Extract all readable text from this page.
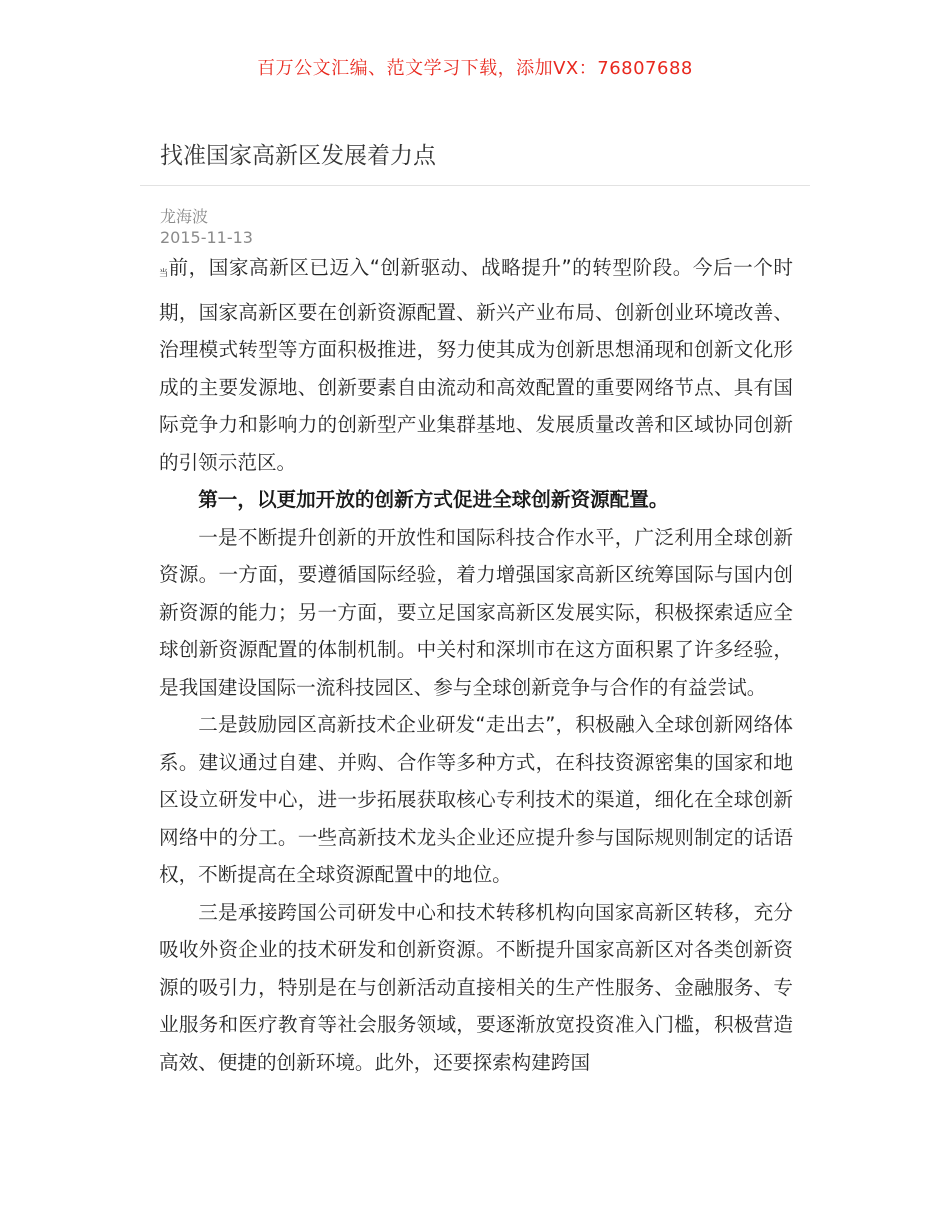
百万公文汇编、范文学习下载，添加VX：76807688
找准国家高新区发展着力点
龙海波
2015-11-13

当前，国家高新区已迈入“创新驱动、战略提升”的转型阶段。今后一个时期，国家高新区要在创新资源配置、新兴产业布局、创新创业环境改善、治理模式转型等方面积极推进，努力使其成为创新思想涌现和创新文化形成的主要发源地、创新要素自由流动和高效配置的重要网络节点、具有国际竞争力和影响力的创新型产业集群基地、发展质量改善和区域协同创新的引领示范区。

第一，以更加开放的创新方式促进全球创新资源配置。

一是不断提升创新的开放性和国际科技合作水平，广泛利用全球创新资源。一方面，要遵循国际经验，着力增强国家高新区统筹国际与国内创新资源的能力；另一方面，要立足国家高新区发展实际，积极探索适应全球创新资源配置的体制机制。中关村和深圳市在这方面积累了许多经验，是我国建设国际一流科技园区、参与全球创新竞争与合作的有益尝试。

二是鼓励园区高新技术企业研发“走出去”，积极融入全球创新网络体系。建议通过自建、并购、合作等多种方式，在科技资源密集的国家和地区设立研发中心，进一步拓展获取核心专利技术的渠道，细化在全球创新网络中的分工。一些高新技术龙头企业还应提升参与国际规则制定的话语权，不断提高在全球资源配置中的地位。

三是承接跨国公司研发中心和技术转移机构向国家高新区转移，充分吸收外资企业的技术研发和创新资源。不断提升国家高新区对各类创新资源的吸引力，特别是在与创新活动直接相关的生产性服务、金融服务、专业服务和医疗教育等社会服务领域，要逐渐放宽投资准入门槛，积极营造高效、便捷的创新环境。此外，还要探索构建跨国
